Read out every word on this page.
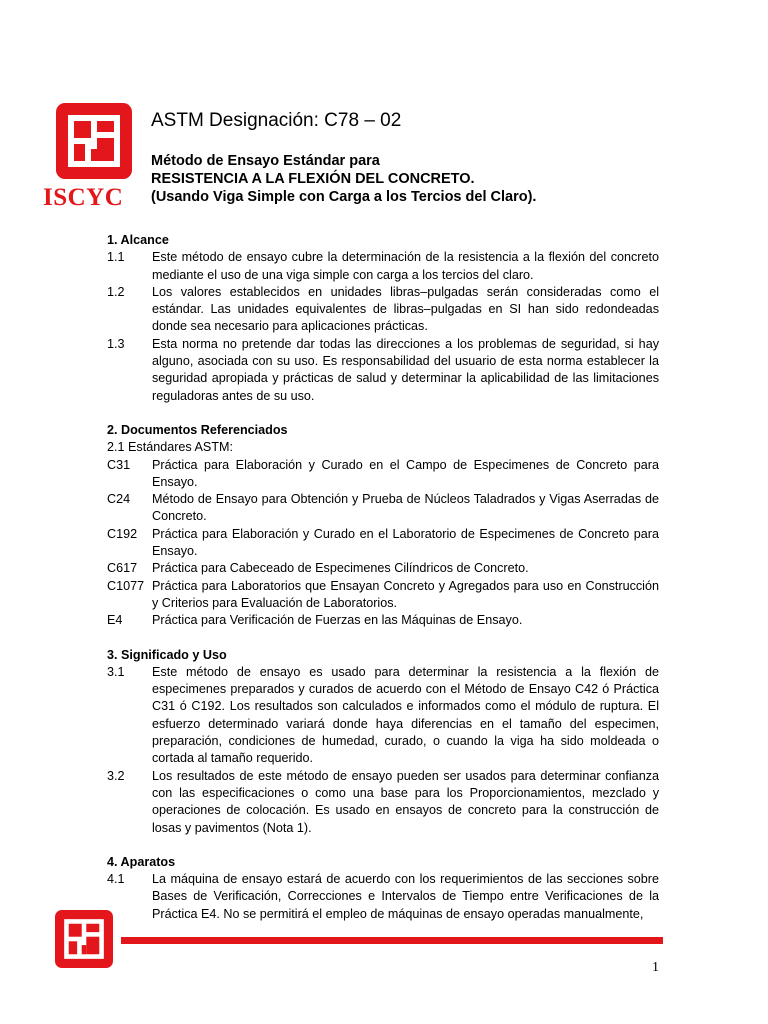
ISCYC
ASTM Designación: C78 – 02
Método de Ensayo Estándar para
RESISTENCIA A LA FLEXIÓN DEL CONCRETO.
(Usando Viga Simple con Carga a los Tercios del Claro).
1. Alcance
1.1	Este método de ensayo cubre la determinación de la resistencia a la flexión del concreto mediante el uso de una viga simple con carga a los tercios del claro.
1.2	Los valores establecidos en unidades libras–pulgadas serán consideradas como el estándar. Las unidades equivalentes de libras–pulgadas en SI han sido redondeadas donde sea necesario para aplicaciones prácticas.
1.3	Esta norma no pretende dar todas las direcciones a los problemas de seguridad, si hay alguno, asociada con su uso. Es responsabilidad del usuario de esta norma establecer la seguridad apropiada y prácticas de salud y determinar la aplicabilidad de las limitaciones reguladoras antes de su uso.
2. Documentos Referenciados
2.1 Estándares ASTM:
C31 Práctica para Elaboración y Curado en el Campo de Especimenes de Concreto para Ensayo.
C24	Método de Ensayo para Obtención y Prueba de Núcleos Taladrados y Vigas Aserradas de Concreto.
C192	Práctica para Elaboración y Curado en el Laboratorio de Especimenes de Concreto para Ensayo.
C617	Práctica para Cabeceado de Especimenes Cilíndricos de Concreto.
C1077 Práctica para Laboratorios que Ensayan Concreto y Agregados para uso en Construcción y Criterios para Evaluación de Laboratorios.
E4	Práctica para Verificación de Fuerzas en las Máquinas de Ensayo.
3. Significado y Uso
3.1	Este método de ensayo es usado para determinar la resistencia a la flexión de especimenes preparados y curados de acuerdo con el Método de Ensayo C42 ó Práctica C31 ó C192. Los resultados son calculados e informados como el módulo de ruptura. El esfuerzo determinado variará donde haya diferencias en el tamaño del especimen, preparación, condiciones de humedad, curado, o cuando la viga ha sido moldeada o cortada al tamaño requerido.
3.2	Los resultados de este método de ensayo pueden ser usados para determinar confianza con las especificaciones o como una base para los Proporcionamientos, mezclado y operaciones de colocación. Es usado en ensayos de concreto para la construcción de losas y pavimentos (Nota 1).
4. Aparatos
4.1	La máquina de ensayo estará de acuerdo con los requerimientos de las secciones sobre Bases de Verificación, Correcciones e Intervalos de Tiempo entre Verificaciones de la Práctica E4. No se permitirá el empleo de máquinas de ensayo operadas manualmente,
1
